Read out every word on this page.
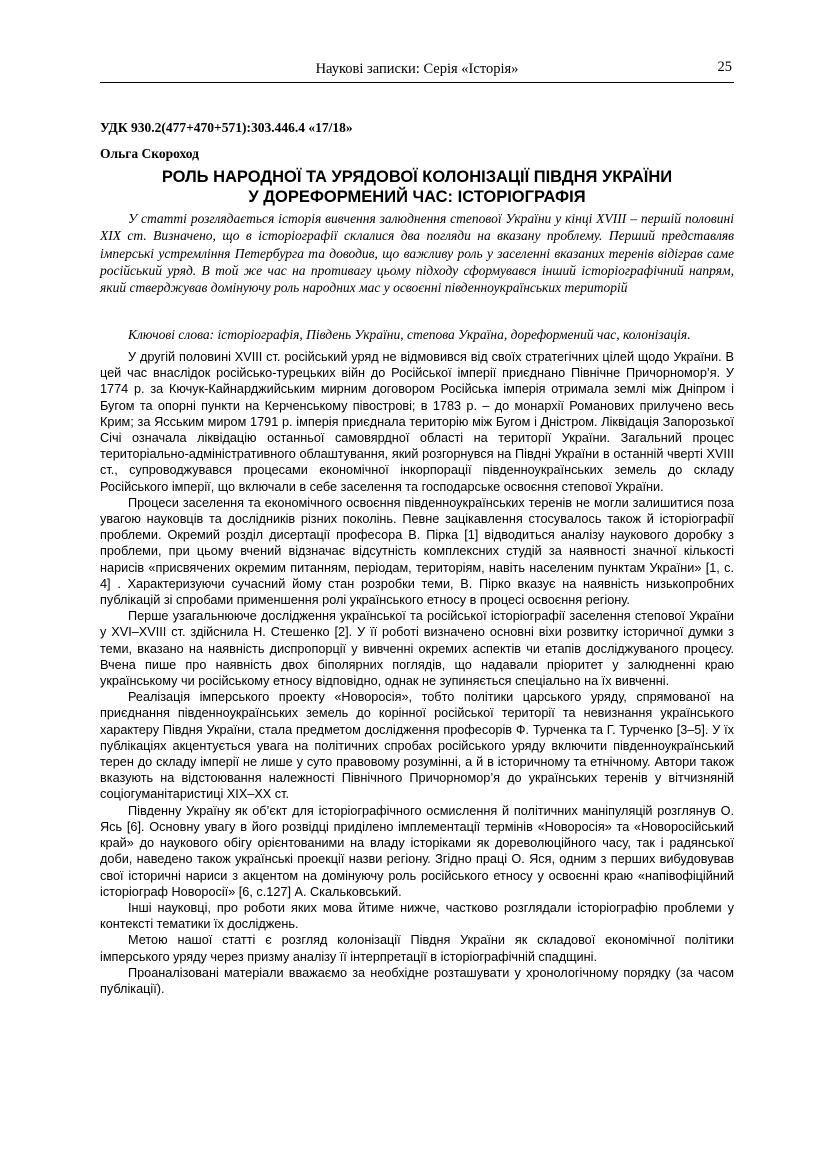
Наукові записки: Серія «Історія»	25
УДК 930.2(477+470+571):303.446.4 «17/18»
Ольга Скороход
РОЛЬ НАРОДНОЇ ТА УРЯДОВОЇ КОЛОНІЗАЦІЇ ПІВДНЯ УКРАЇНИ
У ДОРЕФОРМЕНИЙ ЧАС: ІСТОРІОГРАФІЯ

У статті розглядається історія вивчення залюднення степової України у кінці XVIII – першій половині ХІХ ст. Визначено, що в історіографії склалися два погляди на вказану проблему. Перший представляв імперські устремління Петербурга та доводив, що важливу роль у заселенні вказаних теренів відіграв саме російський уряд. В той же час на противагу цьому підходу сформувався інший історіографічний напрям, який стверджував домінуючу роль народних мас у освоєнні південноукраїнських територій

Ключові слова: історіографія, Південь України, степова Україна, дореформений час, колонізація.

У другій половині XVIII ст. російський уряд не відмовився від своїх стратегічних цілей щодо України. В цей час внаслідок російсько-турецьких війн до Російської імперії приєднано Північне Причорномор’я. У 1774 р. за Кючук-Кайнарджийським мирним договором Російська імперія отримала землі між Дніпром і Бугом та опорні пункти на Керченському півострові; в 1783 р. – до монархії Романових прилучено весь Крим; за Ясським миром 1791 р. імперія приєднала територію між Бугом і Дністром. Ліквідація Запорозької Січі означала ліквідацію останньої самовярдної області на території України. Загальний процес територіально-адміністративного облаштування, який розгорнувся на Півдні України в останній чверті XVIII ст., супроводжувався процесами економічної інкорпорації південноукраїнських земель до складу Російського імперії, що включали в себе заселення та господарське освоєння степової України.

Процеси заселення та економічного освоєння південноукраїнських теренів не могли залишитися поза увагою науковців та дослідників різних поколінь. Певне зацікавлення стосувалось також й історіографії проблеми. Окремий розділ дисертації професора В. Пірка [1] відводиться аналізу наукового доробку з проблеми, при цьому вчений відзначає відсутність комплексних студій за наявності значної кількості нарисів «присвячених окремим питанням, періодам, територіям, навіть населеним пунктам України» [1, с. 4] . Характеризуючи сучасний йому стан розробки теми, В. Пірко вказує на наявність низькопробних публікацій зі спробами применшення ролі українського етносу в процесі освоєння регіону.

Перше узагальнюючe дослідження української та російської історіографії заселення степової України у XVI–XVIII ст. здійснила Н. Стешенко [2]. У її роботі визначено основні віхи розвитку історичної думки з теми, вказано на наявність диспропорції у вивченні окремих аспектів чи етапів досліджуваного процесу. Вчена пише про наявність двох біполярних поглядів, що надавали пріоритет у залюдненні краю українському чи російському етносу відповідно, однак не зупиняється спеціально на їх вивченні.

Реалізація імперського проекту «Новоросія», тобто політики царського уряду, спрямованої на приєднання південноукраїнських земель до корінної російської території та невизнання українського характеру Півдня України, стала предметом дослідження професорів Ф. Турченка та Г. Турченко [3–5]. У їх публікаціях акцентується увага на політичних спробах російського уряду включити південноукраїнський терен до складу імперії не лише у суто правовому розумінні, а й в історичному та етнічному. Автори також вказують на відстоювання належності Північного Причорномор’я до українських теренів у вітчизняній соціогуманітаристиці ХІХ–ХХ ст.

Південну Україну як об’єкт для історіографічного осмислення й політичних маніпуляцій розглянув О. Ясь [6]. Основну увагу в його розвідці приділено імплементації термінів «Новоросія» та «Новоросійський край» до наукового обігу орієнтованими на владу історіками як дореволюційного часу, так і радянської доби, наведено також українські проекції назви регіону. Згідно праці О. Яся, одним з перших вибудовував свої історичні нариси з акцентом на домінуючу роль російського етносу у освоєнні краю «напівофіційний історіограф Новоросії» [6, с.127] А. Скальковський.

Інші науковці, про роботи яких мова йтиме нижче, частково розглядали історіографію проблеми у контексті тематики їх досліджень.

Метою нашої статті є розгляд колонізації Півдня України як складової економічної політики імперського уряду через призму аналізу її інтерпретації в історіографічній спадщині.

Проаналізовані матеріали вважаємо за необхідне розташувати у хронологічному порядку (за часом публікації).
